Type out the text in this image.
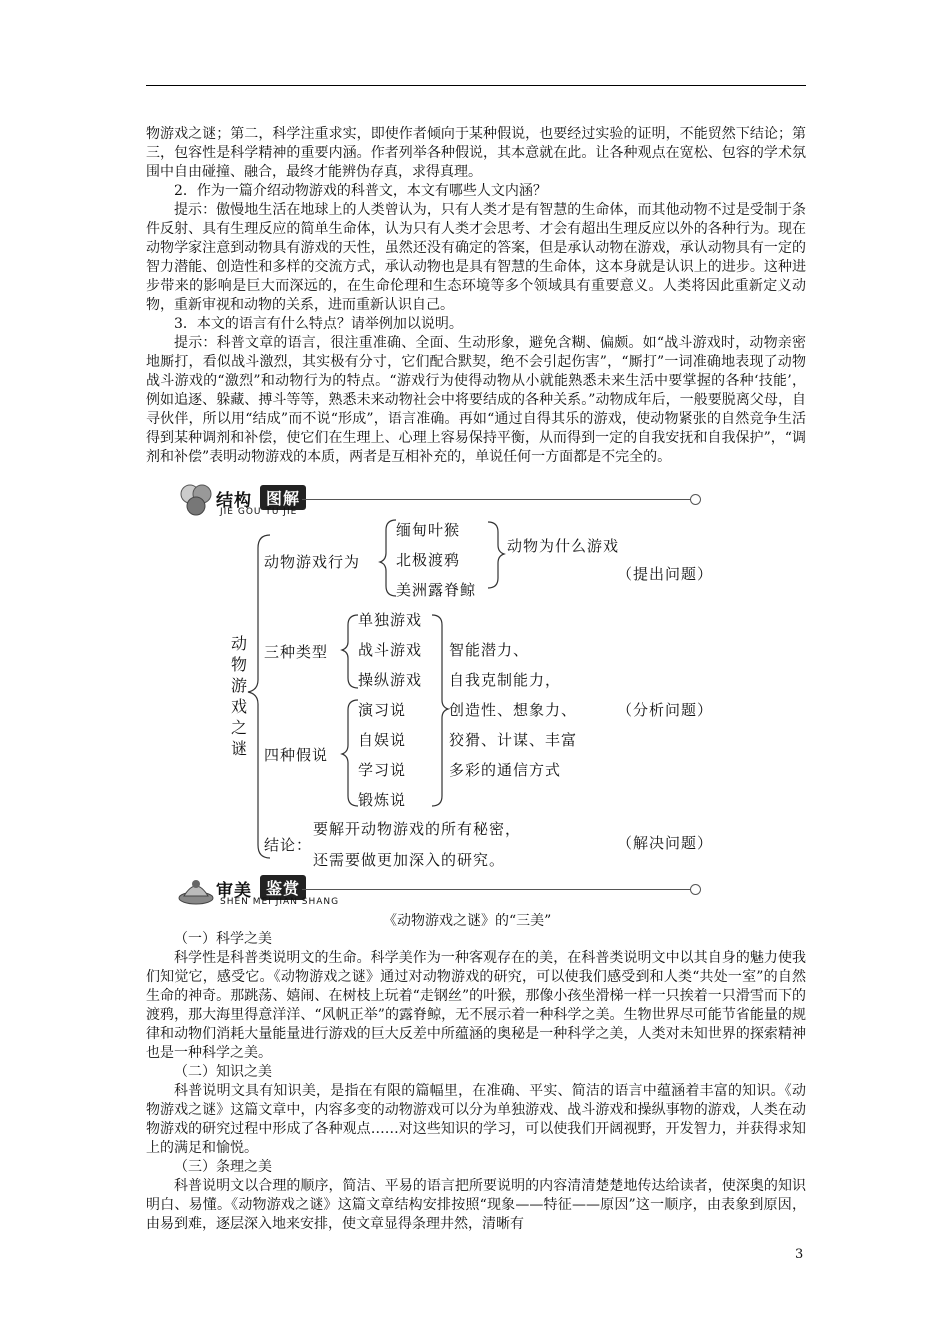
物游戏之谜；第二，科学注重求实，即使作者倾向于某种假说，也要经过实验的证明，不能贸然下结论；第三，包容性是科学精神的重要内涵。作者列举各种假说，其本意就在此。让各种观点在宽松、包容的学术氛围中自由碰撞、融合，最终才能辨伪存真，求得真理。

2．作为一篇介绍动物游戏的科普文，本文有哪些人文内涵？

提示：傲慢地生活在地球上的人类曾认为，只有人类才是有智慧的生命体，而其他动物不过是受制于条件反射、具有生理反应的简单生命体，认为只有人类才会思考、才会有超出生理反应以外的各种行为。现在动物学家注意到动物具有游戏的天性，虽然还没有确定的答案，但是承认动物在游戏，承认动物具有一定的智力潜能、创造性和多样的交流方式，承认动物也是具有智慧的生命体，这本身就是认识上的进步。这种进步带来的影响是巨大而深远的，在生命伦理和生态环境等多个领域具有重要意义。人类将因此重新定义动物，重新审视和动物的关系，进而重新认识自己。

3．本文的语言有什么特点？请举例加以说明。

提示：科普文章的语言，很注重准确、全面、生动形象，避免含糊、偏颇。如“战斗游戏时，动物亲密地厮打，看似战斗激烈，其实极有分寸，它们配合默契，绝不会引起伤害”，“厮打”一词准确地表现了动物战斗游戏的“激烈”和动物行为的特点。“游戏行为使得动物从小就能熟悉未来生活中要掌握的各种‘技能’，例如追逐、躲藏、搏斗等等，熟悉未来动物社会中将要结成的各种关系。”动物成年后，一般要脱离父母，自寻伙伴，所以用“结成”而不说“形成”，语言准确。再如“通过自得其乐的游戏，使动物紧张的自然竞争生活得到某种调剂和补偿，使它们在生理上、心理上容易保持平衡，从而得到一定的自我安抚和自我保护”，“调剂和补偿”表明动物游戏的本质，两者是互相补充的，单说任何一方面都是不完全的。

结构 图解
JIE GOU TU JIE
动
物
游
戏
之
谜
动物游戏行为
缅甸叶猴
北极渡鸦
美洲露脊鲸
动物为什么游戏
（提出问题）
三种类型
单独游戏
战斗游戏
操纵游戏
四种假说
演习说
自娱说
学习说
锻炼说
智能潜力、
自我克制能力，
创造性、想象力、
狡猾、计谋、丰富
多彩的通信方式
（分析问题）
结论：
要解开动物游戏的所有秘密，
还需要做更加深入的研究。
（解决问题）
审美 鉴赏
SHEN MEI JIAN SHANG
《动物游戏之谜》的“三美”

（一）科学之美

科学性是科普类说明文的生命。科学美作为一种客观存在的美，在科普类说明文中以其自身的魅力使我们知觉它，感受它。《动物游戏之谜》通过对动物游戏的研究，可以使我们感受到和人类“共处一室”的自然生命的神奇。那跳荡、嬉闹、在树枝上玩着“走钢丝”的叶猴，那像小孩坐滑梯一样一只挨着一只滑雪而下的渡鸦，那大海里得意洋洋、“风帆正举”的露脊鲸，无不展示着一种科学之美。生物世界尽可能节省能量的规律和动物们消耗大量能量进行游戏的巨大反差中所蕴涵的奥秘是一种科学之美，人类对未知世界的探索精神也是一种科学之美。

（二）知识之美

科普说明文具有知识美，是指在有限的篇幅里，在准确、平实、简洁的语言中蕴涵着丰富的知识。《动物游戏之谜》这篇文章中，内容多变的动物游戏可以分为单独游戏、战斗游戏和操纵事物的游戏，人类在动物游戏的研究过程中形成了各种观点……对这些知识的学习，可以使我们开阔视野，开发智力，并获得求知上的满足和愉悦。

（三）条理之美

科普说明文以合理的顺序，简洁、平易的语言把所要说明的内容清清楚楚地传达给读者，使深奥的知识明白、易懂。《动物游戏之谜》这篇文章结构安排按照“现象——特征——原因”这一顺序，由表象到原因，由易到难，逐层深入地来安排，使文章显得条理井然，清晰有

3
